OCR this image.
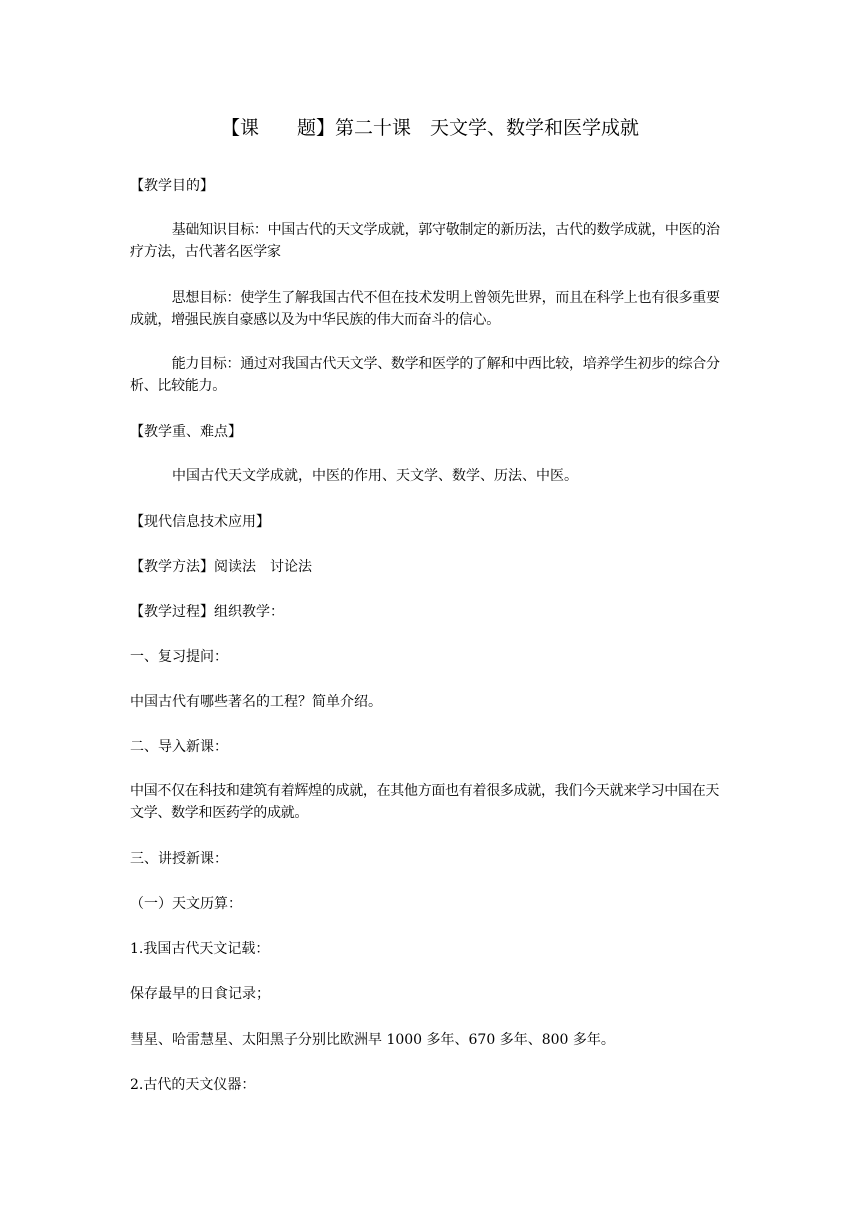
【课　　题】第二十课　天文学、数学和医学成就
【教学目的】
　基础知识目标：中国古代的天文学成就，郭守敬制定的新历法，古代的数学成就，中医的治疗方法，古代著名医学家
　思想目标：使学生了解我国古代不但在技术发明上曾领先世界，而且在科学上也有很多重要成就，增强民族自豪感以及为中华民族的伟大而奋斗的信心。
　能力目标：通过对我国古代天文学、数学和医学的了解和中西比较，培养学生初步的综合分析、比较能力。
【教学重、难点】
　中国古代天文学成就，中医的作用、天文学、数学、历法、中医。
【现代信息技术应用】
【教学方法】阅读法　讨论法
【教学过程】组织教学：
一、复习提问：
中国古代有哪些著名的工程？简单介绍。
二、导入新课：
中国不仅在科技和建筑有着辉煌的成就，在其他方面也有着很多成就，我们今天就来学习中国在天文学、数学和医药学的成就。
三、讲授新课：
（一）天文历算：
1.我国古代天文记载：
保存最早的日食记录；
彗星、哈雷慧星、太阳黑子分别比欧洲早 1000 多年、670 多年、800 多年。
2.古代的天文仪器：
